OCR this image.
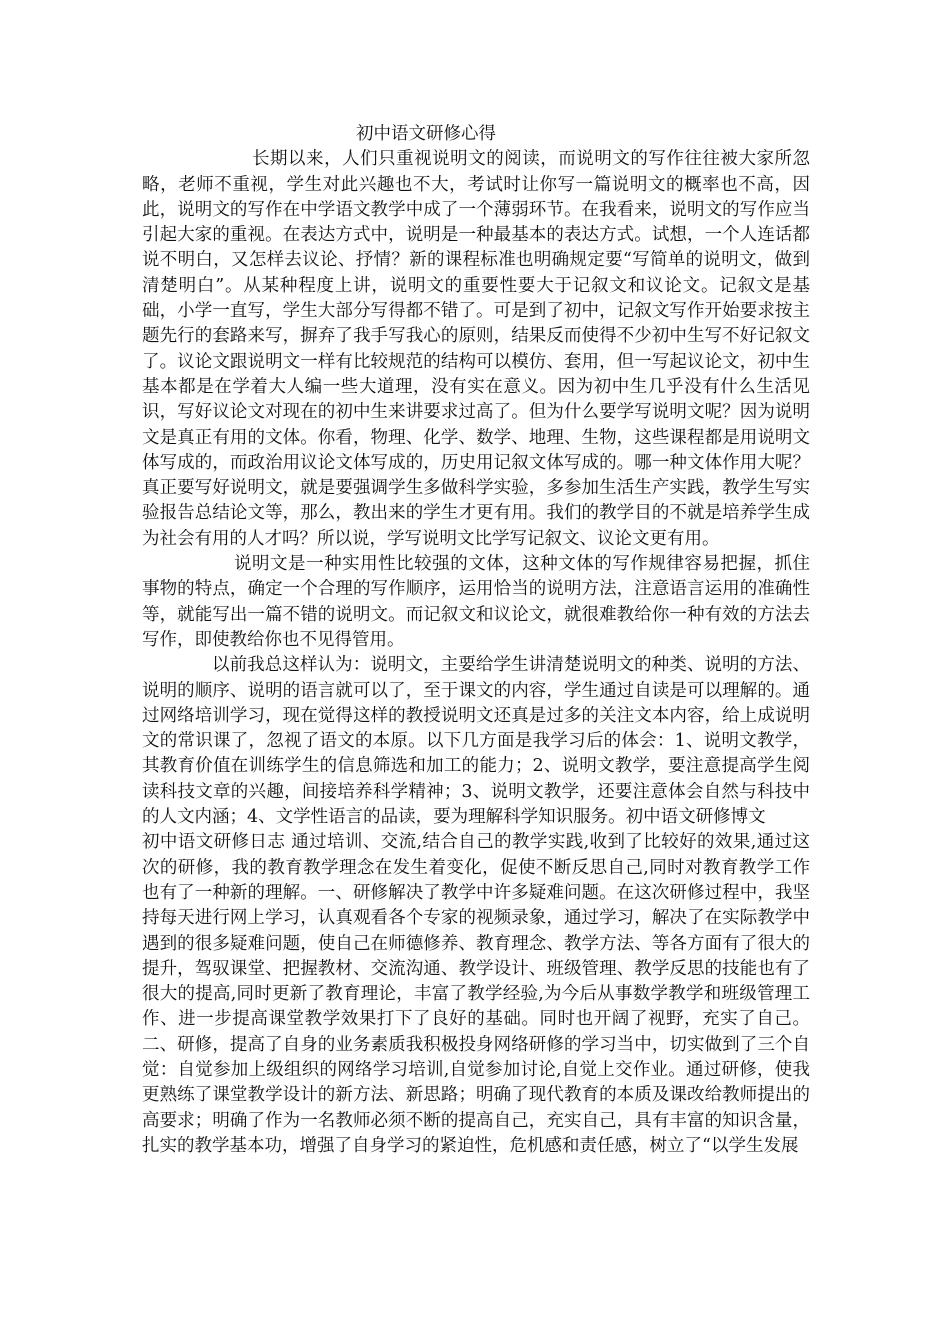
初中语文研修心得

长期以来，人们只重视说明文的阅读，而说明文的写作往往被大家所忽略，老师不重视，学生对此兴趣也不大，考试时让你写一篇说明文的概率也不高，因此，说明文的写作在中学语文教学中成了一个薄弱环节。在我看来，说明文的写作应当引起大家的重视。在表达方式中，说明是一种最基本的表达方式。试想，一个人连话都说不明白，又怎样去议论、抒情？新的课程标准也明确规定要“写简单的说明文，做到清楚明白”。从某种程度上讲，说明文的重要性要大于记叙文和议论文。记叙文是基础，小学一直写，学生大部分写得都不错了。可是到了初中，记叙文写作开始要求按主题先行的套路来写，摒弃了我手写我心的原则，结果反而使得不少初中生写不好记叙文了。议论文跟说明文一样有比较规范的结构可以模仿、套用，但一写起议论文，初中生基本都是在学着大人编一些大道理，没有实在意义。因为初中生几乎没有什么生活见识，写好议论文对现在的初中生来讲要求过高了。但为什么要学写说明文呢？因为说明文是真正有用的文体。你看，物理、化学、数学、地理、生物，这些课程都是用说明文体写成的，而政治用议论文体写成的，历史用记叙文体写成的。哪一种文体作用大呢？真正要写好说明文，就是要强调学生多做科学实验，多参加生活生产实践，教学生写实验报告总结论文等，那么，教出来的学生才更有用。我们的教学目的不就是培养学生成为社会有用的人才吗？所以说，学写说明文比学写记叙文、议论文更有用。

说明文是一种实用性比较强的文体，这种文体的写作规律容易把握，抓住事物的特点，确定一个合理的写作顺序，运用恰当的说明方法，注意语言运用的准确性等，就能写出一篇不错的说明文。而记叙文和议论文，就很难教给你一种有效的方法去写作，即使教给你也不见得管用。

以前我总这样认为：说明文，主要给学生讲清楚说明文的种类、说明的方法、说明的顺序、说明的语言就可以了，至于课文的内容，学生通过自读是可以理解的。通过网络培训学习，现在觉得这样的教授说明文还真是过多的关注文本内容，给上成说明文的常识课了，忽视了语文的本原。以下几方面是我学习后的体会：1、说明文教学，其教育价值在训练学生的信息筛选和加工的能力；2、说明文教学，要注意提高学生阅读科技文章的兴趣，间接培养科学精神；3、说明文教学，还要注意体会自然与科技中的人文内涵；4、文学性语言的品读，要为理解科学知识服务。初中语文研修博文

初中语文研修日志 通过培训、交流,结合自己的教学实践,收到了比较好的效果,通过这次的研修，我的教育教学理念在发生着变化，促使不断反思自己,同时对教育教学工作也有了一种新的理解。一、研修解决了教学中许多疑难问题。在这次研修过程中，我坚持每天进行网上学习，认真观看各个专家的视频录象，通过学习，解决了在实际教学中遇到的很多疑难问题，使自己在师德修养、教育理念、教学方法、等各方面有了很大的提升，驾驭课堂、把握教材、交流沟通、教学设计、班级管理、教学反思的技能也有了很大的提高,同时更新了教育理论，丰富了教学经验,为今后从事数学教学和班级管理工作、进一步提高课堂教学效果打下了良好的基础。同时也开阔了视野，充实了自己。二、研修，提高了自身的业务素质我积极投身网络研修的学习当中，切实做到了三个自觉：自觉参加上级组织的网络学习培训,自觉参加讨论,自觉上交作业。通过研修，使我更熟练了课堂教学设计的新方法、新思路；明确了现代教育的本质及课改给教师提出的高要求；明确了作为一名教师必须不断的提高自己，充实自己，具有丰富的知识含量，扎实的教学基本功，增强了自身学习的紧迫性，危机感和责任感，树立了“以学生发展
